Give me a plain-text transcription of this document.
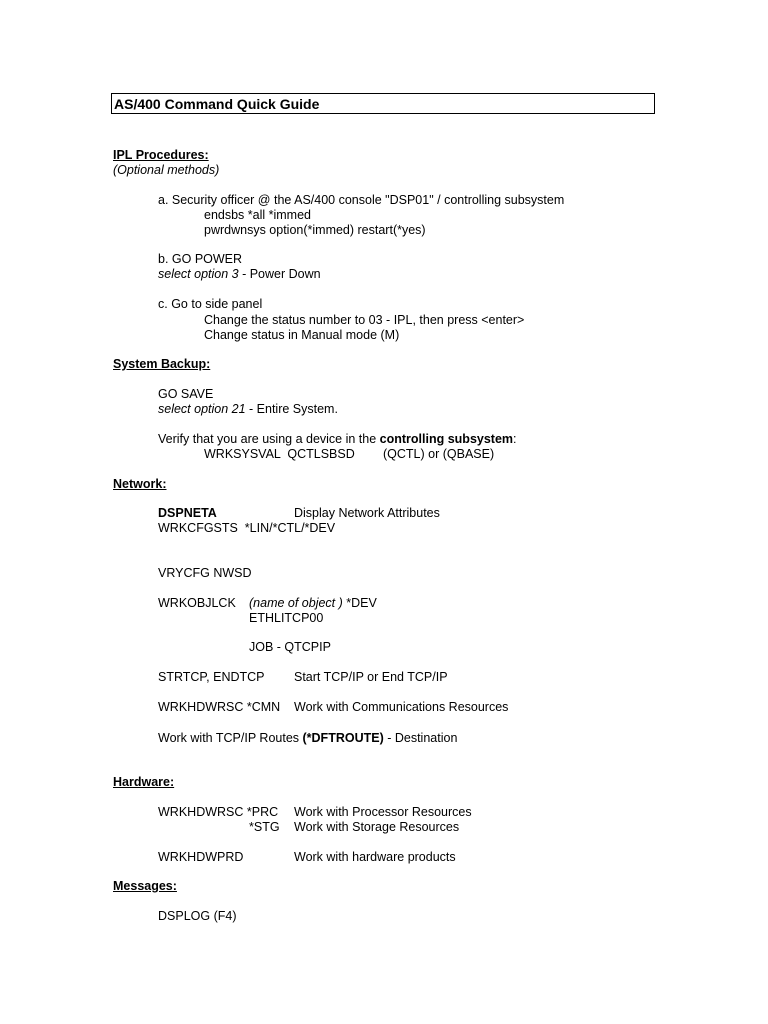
AS/400 Command Quick Guide
IPL Procedures:
(Optional methods)
a. Security officer @ the AS/400 console "DSP01" / controlling subsystem
endsbs *all *immed
pwrdwnsys option(*immed) restart(*yes)
b. GO POWER
select option 3 - Power Down
c. Go to side panel
Change the status number to 03 - IPL, then press <enter>
Change status in Manual mode (M)
System Backup:
GO SAVE
select option 21 - Entire System.
Verify that you are using a device in the controlling subsystem:
WRKSYSVAL  QCTLSBSD (QCTL) or (QBASE)
Network:
DSPNETA	Display Network Attributes
WRKCFGSTS  *LIN/*CTL/*DEV
VRYCFG NWSD
WRKOBJLCK (name of object ) *DEV
ETHLITCP00
JOB - QTCPIP
STRTCP, ENDTCP Start TCP/IP or End TCP/IP
WRKHDWRSC *CMN Work with Communications Resources
Work with TCP/IP Routes (*DFTROUTE) - Destination
Hardware:
WRKHDWRSC *PRC Work with Processor Resources
*STG Work with Storage Resources
WRKHDWPRD	Work with hardware products
Messages:
DSPLOG (F4)
